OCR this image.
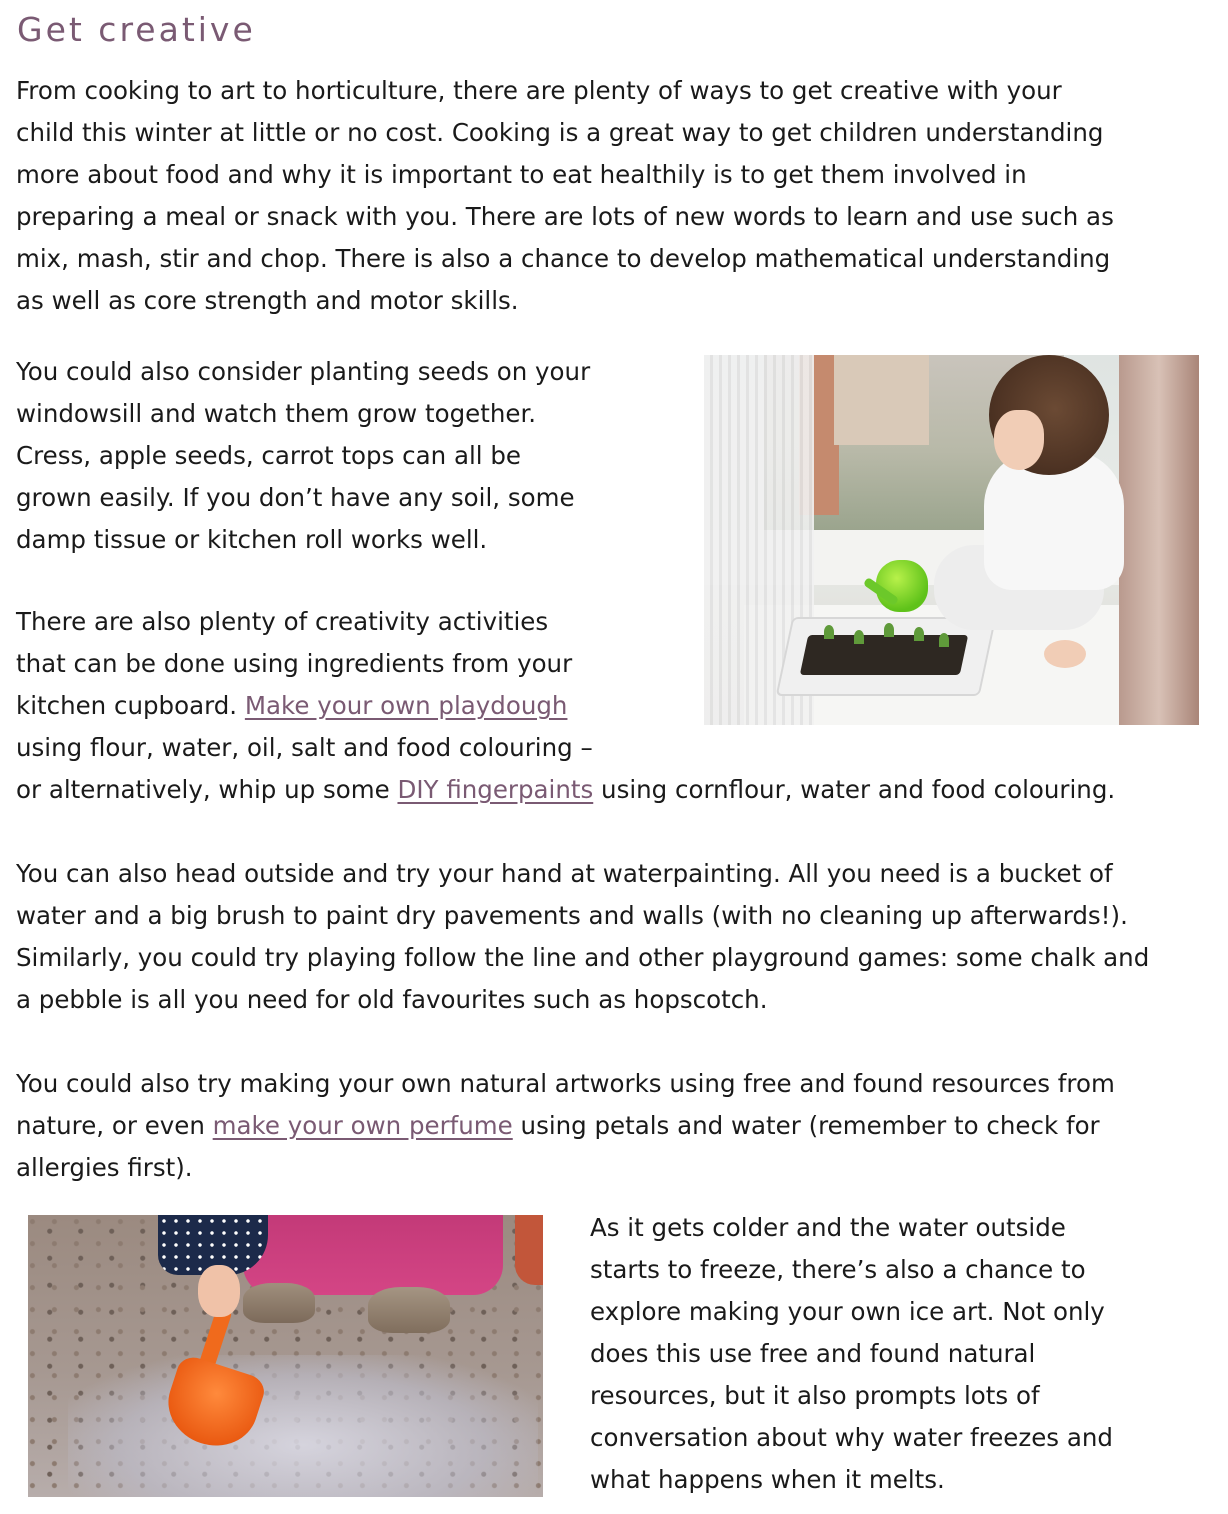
Get creative

From cooking to art to horticulture, there are plenty of ways to get creative with your
child this winter at little or no cost. Cooking is a great way to get children understanding
more about food and why it is important to eat healthily is to get them involved in
preparing a meal or snack with you. There are lots of new words to learn and use such as
mix, mash, stir and chop. There is also a chance to develop mathematical understanding
as well as core strength and motor skills.

You could also consider planting seeds on your
windowsill and watch them grow together.
Cress, apple seeds, carrot tops can all be
grown easily. If you don’t have any soil, some
damp tissue or kitchen roll works well.

There are also plenty of creativity activities
that can be done using ingredients from your
kitchen cupboard. Make your own playdough
using flour, water, oil, salt and food colouring –
or alternatively, whip up some DIY fingerpaints using cornflour, water and food colouring.

You can also head outside and try your hand at waterpainting. All you need is a bucket of
water and a big brush to paint dry pavements and walls (with no cleaning up afterwards!).
Similarly, you could try playing follow the line and other playground games: some chalk and
a pebble is all you need for old favourites such as hopscotch.

You could also try making your own natural artworks using free and found resources from
nature, or even make your own perfume using petals and water (remember to check for
allergies first).

As it gets colder and the water outside
starts to freeze, there’s also a chance to
explore making your own ice art. Not only
does this use free and found natural
resources, but it also prompts lots of
conversation about why water freezes and
what happens when it melts.
